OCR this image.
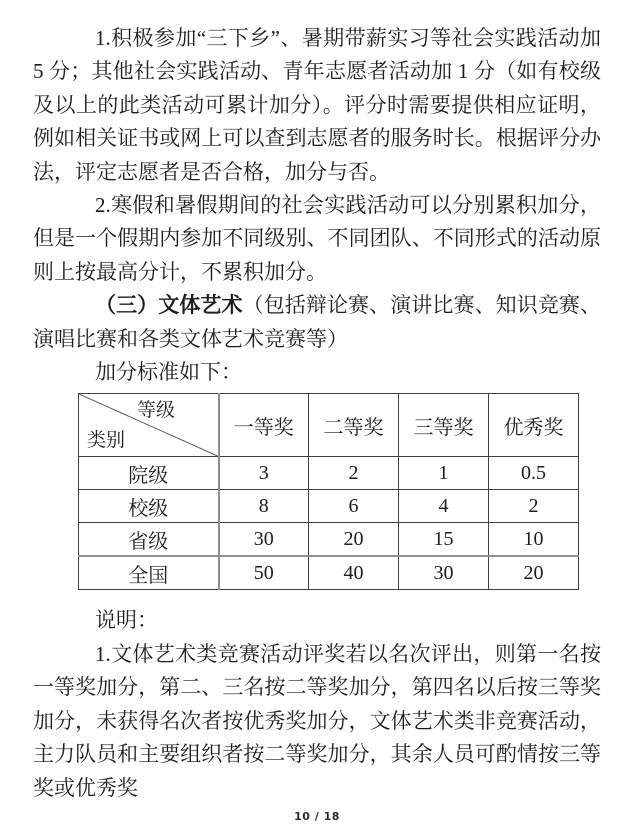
1.积极参加“三下乡”、暑期带薪实习等社会实践活动加 5 分；其他社会实践活动、青年志愿者活动加 1 分（如有校级及以上的此类活动可累计加分）。评分时需要提供相应证明，例如相关证书或网上可以查到志愿者的服务时长。根据评分办法，评定志愿者是否合格，加分与否。

2.寒假和暑假期间的社会实践活动可以分别累积加分，但是一个假期内参加不同级别、不同团队、不同形式的活动原则上按最高分计，不累积加分。

（三）文体艺术（包括辩论赛、演讲比赛、知识竞赛、演唱比赛和各类文体艺术竞赛等）

加分标准如下：

等级
类别	一等奖	二等奖	三等奖	优秀奖
院级	3	2	1	0.5
校级	8	6	4	2
省级	30	20	15	10
全国	50	40	30	20

说明：

1.文体艺术类竞赛活动评奖若以名次评出，则第一名按一等奖加分，第二、三名按二等奖加分，第四名以后按三等奖加分，未获得名次者按优秀奖加分，文体艺术类非竞赛活动，主力队员和主要组织者按二等奖加分，其余人员可酌情按三等奖或优秀奖

10 / 18
